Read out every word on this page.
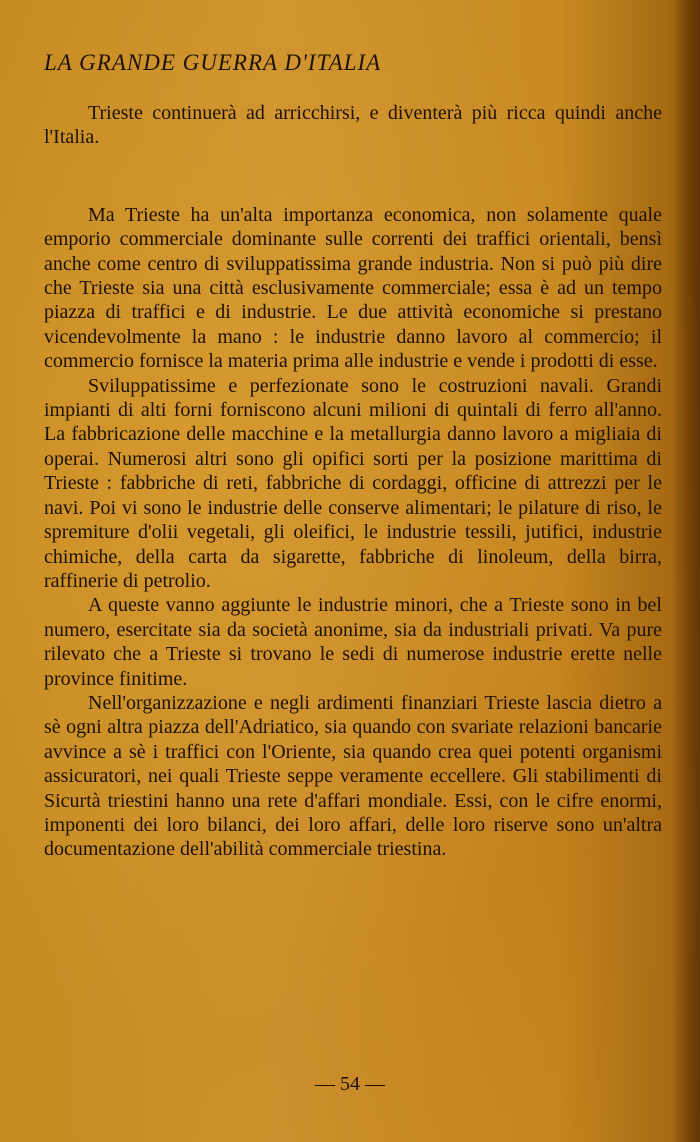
LA GRANDE GUERRA D'ITALIA

Trieste continuerà ad arricchirsi, e diventerà più ricca quindi anche l'Italia.

Ma Trieste ha un'alta importanza economica, non solamente quale emporio commerciale dominante sulle correnti dei traffici orientali, bensì anche come centro di sviluppatissima grande industria. Non si può più dire che Trieste sia una città esclusivamente commerciale; essa è ad un tempo piazza di traffici e di industrie. Le due attività economiche si prestano vicendevolmente la mano : le industrie danno lavoro al commercio; il commercio fornisce la materia prima alle industrie e vende i prodotti di esse.

Sviluppatissime e perfezionate sono le costruzioni navali. Grandi impianti di alti forni forniscono alcuni milioni di quintali di ferro all'anno. La fabbricazione delle macchine e la metallurgia danno lavoro a migliaia di operai. Numerosi altri sono gli opifici sorti per la posizione marittima di Trieste : fabbriche di reti, fabbriche di cordaggi, officine di attrezzi per le navi. Poi vi sono le industrie delle conserve alimentari; le pilature di riso, le spremiture d'olii vegetali, gli oleifici, le industrie tessili, jutifici, industrie chimiche, della carta da sigarette, fabbriche di linoleum, della birra, raffinerie di petrolio.

A queste vanno aggiunte le industrie minori, che a Trieste sono in bel numero, esercitate sia da società anonime, sia da industriali privati. Va pure rilevato che a Trieste si trovano le sedi di numerose industrie erette nelle province finitime.

Nell'organizzazione e negli ardimenti finanziari Trieste lascia dietro a sè ogni altra piazza dell'Adriatico, sia quando con svariate relazioni bancarie avvince a sè i traffici con l'Oriente, sia quando crea quei potenti organismi assicuratori, nei quali Trieste seppe veramente eccellere. Gli stabilimenti di Sicurtà triestini hanno una rete d'affari mondiale. Essi, con le cifre enormi, imponenti dei loro bilanci, dei loro affari, delle loro riserve sono un'altra documentazione dell'abilità commerciale triestina.

— 54 —
